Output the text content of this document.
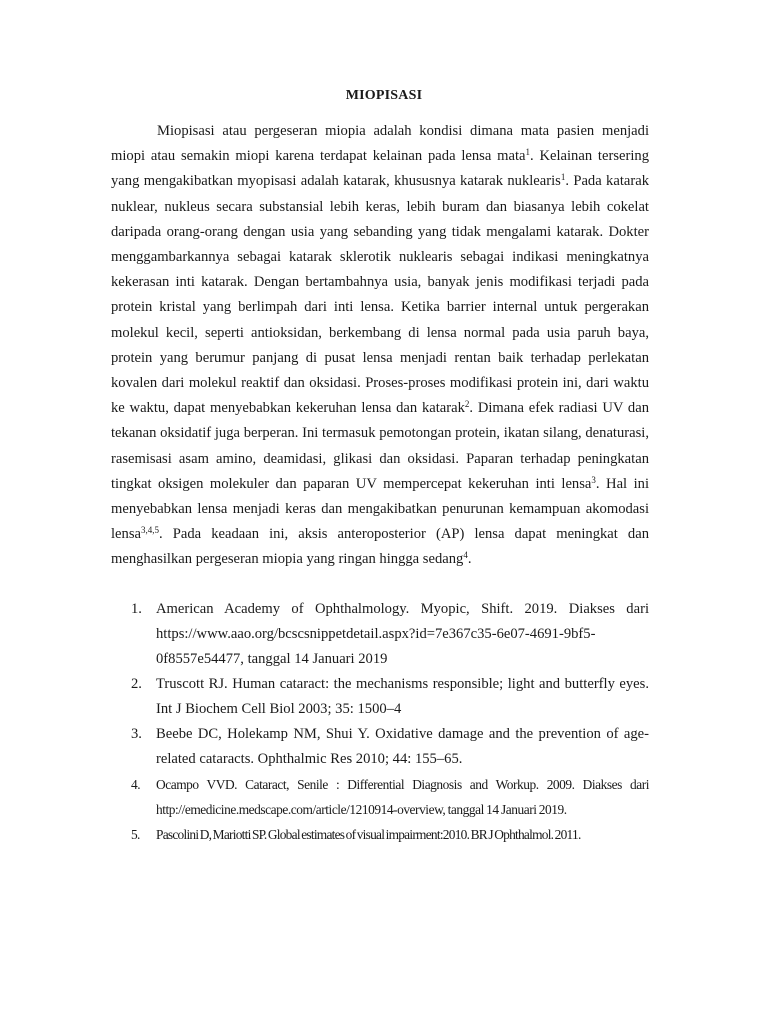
MIOPISASI
Miopisasi atau pergeseran miopia adalah kondisi dimana mata pasien menjadi miopi atau semakin miopi karena terdapat kelainan pada lensa mata$^1$. Kelainan tersering yang mengakibatkan myopisasi adalah katarak, khususnya katarak nuklearis$^1$. Pada katarak nuklear, nukleus secara substansial lebih keras, lebih buram dan biasanya lebih cokelat daripada orang-orang dengan usia yang sebanding yang tidak mengalami katarak. Dokter menggambarkannya sebagai katarak sklerotik nuklearis sebagai indikasi meningkatnya kekerasan inti katarak. Dengan bertambahnya usia, banyak jenis modifikasi terjadi pada protein kristal yang berlimpah dari inti lensa. Ketika barrier internal untuk pergerakan molekul kecil, seperti antioksidan, berkembang di lensa normal pada usia paruh baya, protein yang berumur panjang di pusat lensa menjadi rentan baik terhadap perlekatan kovalen dari molekul reaktif dan oksidasi. Proses-proses modifikasi protein ini, dari waktu ke waktu, dapat menyebabkan kekeruhan lensa dan katarak$^2$. Dimana efek radiasi UV dan tekanan oksidatif juga berperan. Ini termasuk pemotongan protein, ikatan silang, denaturasi, rasemisasi asam amino, deamidasi, glikasi dan oksidasi. Paparan terhadap peningkatan tingkat oksigen molekuler dan paparan UV mempercepat kekeruhan inti lensa$^3$. Hal ini menyebabkan lensa menjadi keras dan mengakibatkan penurunan kemampuan akomodasi lensa$^{3,4,5}$. Pada keadaan ini, aksis anteroposterior (AP) lensa dapat meningkat dan menghasilkan pergeseran miopia yang ringan hingga sedang$^4$.
1. American Academy of Ophthalmology. Myopic, Shift. 2019. Diakses dari https://www.aao.org/bcscsnippetdetail.aspx?id=7e367c35-6e07-4691-9bf5-0f8557e54477, tanggal 14 Januari 2019
2. Truscott RJ. Human cataract: the mechanisms responsible; light and butterfly eyes. Int J Biochem Cell Biol 2003; 35: 1500–4
3. Beebe DC, Holekamp NM, Shui Y. Oxidative damage and the prevention of age-related cataracts. Ophthalmic Res 2010; 44: 155–65.
4. Ocampo VVD. Cataract, Senile : Differential Diagnosis and Workup. 2009. Diakses dari http://emedicine.medscape.com/article/1210914-overview, tanggal 14 Januari 2019.
5. Pascolini D, Mariotti SP. Global estimates of visual impairment:2010. BR J Ophthalmol. 2011.
